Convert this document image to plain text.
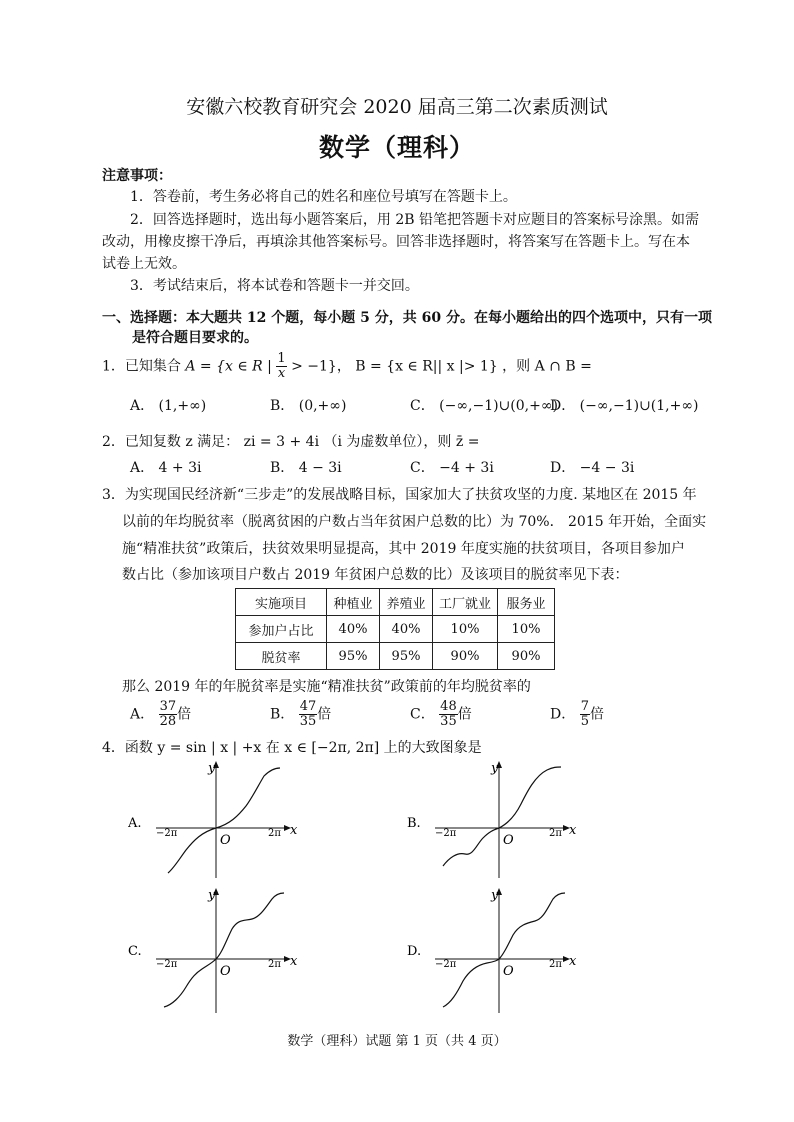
安徽六校教育研究会 2020 届高三第二次素质测试
数学（理科）
注意事项：
1．答卷前，考生务必将自己的姓名和座位号填写在答题卡上。
2．回答选择题时，选出每小题答案后，用 2B 铅笔把答题卡对应题目的答案标号涂黑。如需
改动，用橡皮擦干净后，再填涂其他答案标号。回答非选择题时，将答案写在答题卡上。写在本
试卷上无效。
3．考试结束后，将本试卷和答题卡一并交回。
一、选择题：本大题共 12 个题，每小题 5 分，共 60 分。在每小题给出的四个选项中，只有一项
是符合题目要求的。
1．已知集合 A = {x ∈ R | $\frac{1}{x} > -1$}， B = {x ∈ R|| x |> 1} ，则 A ∩ B =
A． (1,+∞)	B． (0,+∞)	C． (−∞,−1)∪(0,+∞)
D． (−∞,−1)∪(1,+∞)
2．已知复数 z 满足： zi = 3 + 4i （i 为虚数单位），则 z̄ =
A． 4 + 3i	B． 4 − 3i	C． −4 + 3i	D． −4 − 3i
3．为实现国民经济新“三步走”的发展战略目标，国家加大了扶贫攻坚的力度. 某地区在 2015 年
以前的年均脱贫率（脱离贫困的户数占当年贫困户总数的比）为 70%． 2015 年开始，全面实
施“精准扶贫”政策后，扶贫效果明显提高，其中 2019 年度实施的扶贫项目，各项目参加户
数占比（参加该项目户数占 2019 年贫困户总数的比）及该项目的脱贫率见下表：
实施项目	种植业	养殖业	工厂就业	服务业
参加户占比	40%	40%	10%	10%
脱贫率	95%	95%	90%	90%
那么 2019 年的年脱贫率是实施“精准扶贫”政策前的年均脱贫率的
A． $\frac{37}{28}$ 倍	B． $\frac{47}{35}$ 倍	C． $\frac{48}{35}$ 倍	D． $\frac{7}{5}$ 倍
4．函数 y = sin | x | +x 在 x ∈ [−2π, 2π] 上的大致图象是
A.
y
x
O
−2π	2π
B.
y
x
O
−2π	2π
C.
y
x
O
−2π	2π
D.
y
x
O
−2π	2π
数学（理科）试题 第 1 页（共 4 页）
